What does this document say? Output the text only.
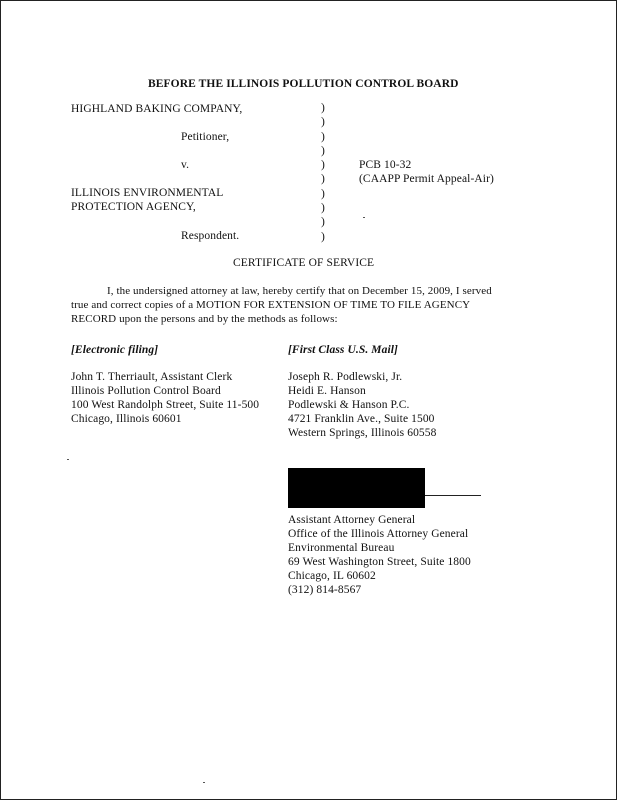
BEFORE THE ILLINOIS POLLUTION CONTROL BOARD
HIGHLAND BAKING COMPANY,
Petitioner,
v.
ILLINOIS ENVIRONMENTAL
PROTECTION AGENCY,
Respondent.
)
)
)
)
)
)
)
)
)
)
PCB 10-32
(CAAPP Permit Appeal-Air)
CERTIFICATE OF SERVICE
I, the undersigned attorney at law, hereby certify that on December 15, 2009, I served
true and correct copies of a MOTION FOR EXTENSION OF TIME TO FILE AGENCY
RECORD upon the persons and by the methods as follows:
[Electronic filing]
John T. Therriault, Assistant Clerk
Illinois Pollution Control Board
100 West Randolph Street, Suite 11-500
Chicago, Illinois 60601
[First Class U.S. Mail]
Joseph R. Podlewski, Jr.
Heidi E. Hanson
Podlewski & Hanson P.C.
4721 Franklin Ave., Suite 1500
Western Springs, Illinois 60558
Assistant Attorney General
Office of the Illinois Attorney General
Environmental Bureau
69 West Washington Street, Suite 1800
Chicago, IL 60602
(312) 814-8567
